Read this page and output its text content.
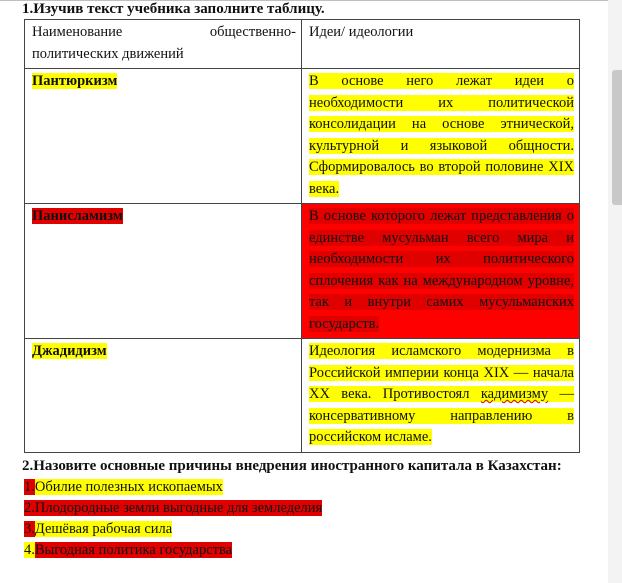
1.Изучив текст учебника заполните таблицу.
Наименование общественно-
политических движений	Идеи/ идеологии
Пантюркизм	В основе него лежат идеи о необходимости их политической консолидации на основе этнической, культурной и языковой общности. Сформировалось во второй половине XIX века.
Панисламизм	В основе которого лежат представления о единстве мусульман всего мира и необходимости их политического сплочения как на международном уровне, так и внутри самих мусульманских государств.
Джадидизм	Идеология исламского модернизма в Российской империи конца XIX — начала XX века. Противостоял кадимизму — консервативному направлению в российском исламе.
2.Назовите основные причины внедрения иностранного капитала в Казахстан:
1.Обилие полезных ископаемых
2.Плодородные земли выгодные для земледелия
3.Дешёвая рабочая сила
4.Выгодная политика государства
